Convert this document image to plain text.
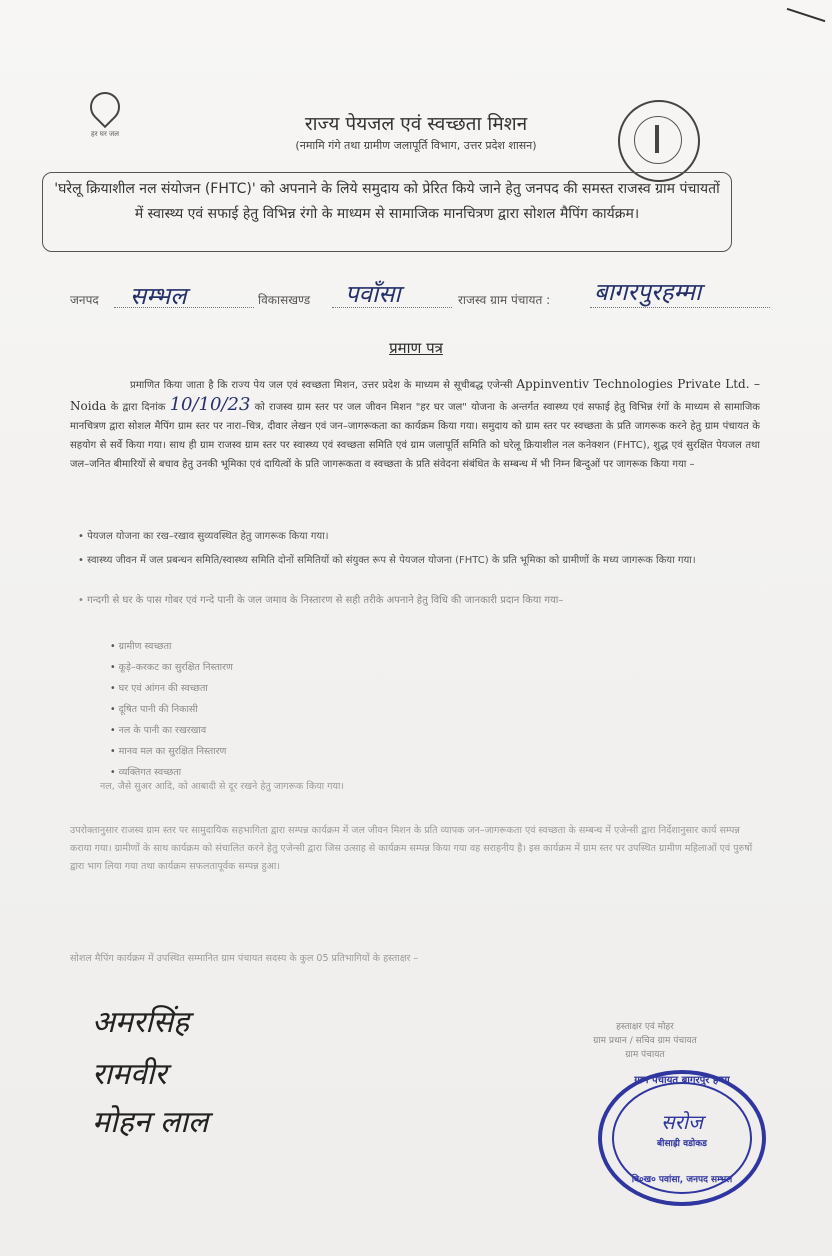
हर घर जल	राज्य पेयजल एवं स्वच्छता मिशन
(नमामि गंगे तथा ग्रामीण जलापूर्ति विभाग, उत्तर प्रदेश शासन)
'घरेलू क्रियाशील नल संयोजन (FHTC)' को अपनाने के लिये समुदाय को प्रेरित किये जाने हेतु जनपद की समस्त राजस्व ग्राम पंचायतों में स्वास्थ्य एवं सफाई हेतु विभिन्न रंगो के माध्यम से सामाजिक मानचित्रण द्वारा सोशल मैपिंग कार्यक्रम।
जनपद सम्भल	विकासखण्ड पवाँसा	राजस्व ग्राम पंचायत : बागरपुरहम्मा
प्रमाण पत्र
प्रमाणित किया जाता है कि राज्य पेय जल एवं स्वच्छता मिशन, उत्तर प्रदेश के माध्यम से सूचीबद्ध एजेन्सी Appinventiv Technologies Private Ltd. – Noida के द्वारा दिनांक 10/10/23 को राजस्व ग्राम स्तर पर जल जीवन मिशन "हर घर जल" योजना के अन्तर्गत स्वास्थ्य एवं सफाई हेतु विभिन्न रंगों के माध्यम से सामाजिक मानचित्रण द्वारा सोशल मैपिंग ग्राम स्तर पर नारा–चित्र, दीवार लेखन एवं जन–जागरूकता का कार्यक्रम किया गया। समुदाय को ग्राम स्तर पर स्वच्छता के प्रति जागरूक करने हेतु ग्राम पंचायत के सहयोग से सर्वे किया गया। साथ ही ग्राम राजस्व ग्राम स्तर पर स्वास्थ्य एवं स्वच्छता समिति एवं ग्राम जलापूर्ति समिति को घरेलू क्रियाशील नल कनेक्शन (FHTC), शुद्ध एवं सुरक्षित पेयजल तथा जल–जनित बीमारियों से बचाव हेतु उनकी भूमिका एवं दायित्वों के प्रति जागरूकता व स्वच्छता के प्रति संवेदना संबंधित के सम्बन्ध में भी निम्न बिन्दुओं पर जागरूक किया गया –
• पेयजल योजना का रख–रखाव सुव्यवस्थित हेतु जागरूक किया गया।
• स्वास्थ्य जीवन में जल प्रबन्धन समिति/स्वास्थ्य समिति दोनों समितियों को संयुक्त रूप से पेयजल योजना (FHTC) के प्रति भूमिका को ग्रामीणों के मध्य जागरूक किया गया।
• गन्दगी से घर के पास गोबर एवं गन्दे पानी के जल जमाव के निस्तारण से सही तरीके अपनाने हेतु विधि की जानकारी प्रदान किया गया–
• ग्रामीण स्वच्छता
• कूड़े–करकट का सुरक्षित निस्तारण
• घर एवं आंगन की स्वच्छता
• दूषित पानी की निकासी
• नल के पानी का रखरखाव
• मानव मल का सुरक्षित निस्तारण
• व्यक्तिगत स्वच्छता
नल, जैसे सुअर आदि, को आबादी से दूर रखने हेतु जागरूक किया गया।
उपरोक्तानुसार राजस्व ग्राम स्तर पर सामुदायिक सहभागिता द्वारा सम्पन्न कार्यक्रम में जल जीवन मिशन के प्रति व्यापक जन–जागरूकता एवं स्वच्छता के सम्बन्ध में एजेन्सी द्वारा निर्देशानुसार कार्य सम्पन्न कराया गया। ग्रामीणों के साथ कार्यक्रम को संचालित करने हेतु एजेन्सी द्वारा जिस उत्साह से कार्यक्रम सम्पन्न किया गया वह सराहनीय है। इस कार्यक्रम में ग्राम स्तर पर उपस्थित ग्रामीण महिलाओं एवं पुरुषों द्वारा भाग लिया गया तथा कार्यक्रम सफलतापूर्वक सम्पन्न हुआ।
सोशल मैपिंग कार्यक्रम में उपस्थित सम्मानित ग्राम पंचायत सदस्य के कुल 05 प्रतिभागियों के हस्ताक्षर –
अमरसिंह
रामवीर
मोहन लाल
हस्ताक्षर एवं मोहर
ग्राम प्रधान / सचिव ग्राम पंचायत
ग्राम पंचायत
ग्राम पंचायत बागरपुर हम्मा
सरोज
बीसाह्री वडोकड
वि०ख० पवांसा, जनपद सम्भल
